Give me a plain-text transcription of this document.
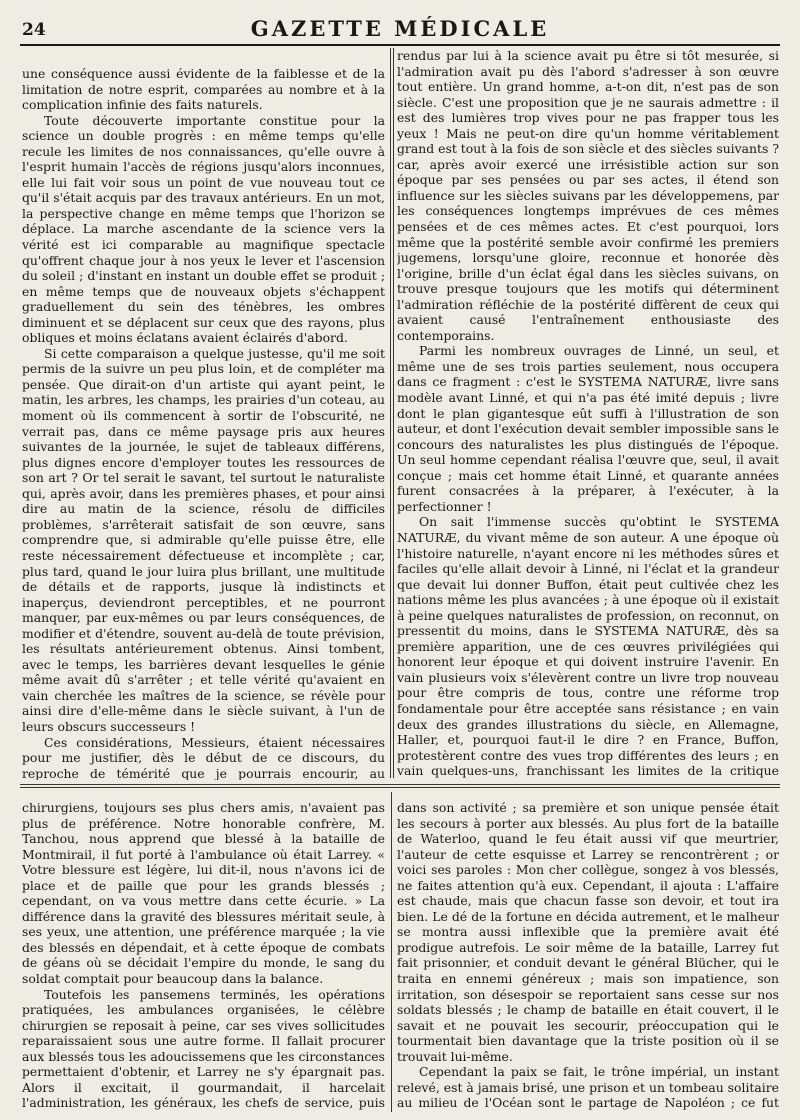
24	GAZETTE MÉDICALE

une conséquence aussi évidente de la faiblesse et de la limitation de notre esprit, comparées au nombre et à la complication infinie des faits naturels.

Toute découverte importante constitue pour la science un double progrès : en même temps qu'elle recule les limites de nos connaissances, qu'elle ouvre à l'esprit humain l'accès de régions jusqu'alors inconnues, elle lui fait voir sous un point de vue nouveau tout ce qu'il s'était acquis par des travaux antérieurs. En un mot, la perspective change en même temps que l'horizon se déplace. La marche ascendante de la science vers la vérité est ici comparable au magnifique spectacle qu'offrent chaque jour à nos yeux le lever et l'ascension du soleil ; d'instant en instant un double effet se produit ; en même temps que de nouveaux objets s'échappent graduellement du sein des ténèbres, les ombres diminuent et se déplacent sur ceux que des rayons, plus obliques et moins éclatans avaient éclairés d'abord.

Si cette comparaison a quelque justesse, qu'il me soit permis de la suivre un peu plus loin, et de compléter ma pensée. Que dirait-on d'un artiste qui ayant peint, le matin, les arbres, les champs, les prairies d'un coteau, au moment où ils commencent à sortir de l'obscurité, ne verrait pas, dans ce même paysage pris aux heures suivantes de la journée, le sujet de tableaux différens, plus dignes encore d'employer toutes les ressources de son art ? Or tel serait le savant, tel surtout le naturaliste qui, après avoir, dans les premières phases, et pour ainsi dire au matin de la science, résolu de difficiles problèmes, s'arrêterait satisfait de son œuvre, sans comprendre que, si admirable qu'elle puisse être, elle reste nécessairement défectueuse et incomplète ; car, plus tard, quand le jour luira plus brillant, une multitude de détails et de rapports, jusque là indistincts et inaperçus, deviendront perceptibles, et ne pourront manquer, par eux-mêmes ou par leurs conséquences, de modifier et d'étendre, souvent au-delà de toute prévision, les résultats antérieurement obtenus. Ainsi tombent, avec le temps, les barrières devant lesquelles le génie même avait dû s'arrêter ; et telle vérité qu'avaient en vain cherchée les maîtres de la science, se révèle pour ainsi dire d'elle-même dans le siècle suivant, à l'un de leurs obscurs successeurs !

Ces considérations, Messieurs, étaient nécessaires pour me justifier, dès le début de ce discours, du reproche de témérité que je pourrais encourir, au

rendus par lui à la science avait pu être si tôt mesurée, si l'admiration avait pu dès l'abord s'adresser à son œuvre tout entière. Un grand homme, a-t-on dit, n'est pas de son siècle. C'est une proposition que je ne saurais admettre : il est des lumières trop vives pour ne pas frapper tous les yeux ! Mais ne peut-on dire qu'un homme véritablement grand est tout à la fois de son siècle et des siècles suivants ? car, après avoir exercé une irrésistible action sur son époque par ses pensées ou par ses actes, il étend son influence sur les siècles suivans par les développemens, par les conséquences longtemps imprévues de ces mêmes pensées et de ces mêmes actes. Et c'est pourquoi, lors même que la postérité semble avoir confirmé les premiers jugemens, lorsqu'une gloire, reconnue et honorée dès l'origine, brille d'un éclat égal dans les siècles suivans, on trouve presque toujours que les motifs qui déterminent l'admiration réfléchie de la postérité diffèrent de ceux qui avaient causé l'entraînement enthousiaste des contemporains.

Parmi les nombreux ouvrages de Linné, un seul, et même une de ses trois parties seulement, nous occupera dans ce fragment : c'est le SYSTEMA NATURÆ, livre sans modèle avant Linné, et qui n'a pas été imité depuis ; livre dont le plan gigantesque eût suffi à l'illustration de son auteur, et dont l'exécution devait sembler impossible sans le concours des naturalistes les plus distingués de l'époque. Un seul homme cependant réalisa l'œuvre que, seul, il avait conçue ; mais cet homme était Linné, et quarante années furent consacrées à la préparer, à l'exécuter, à la perfectionner !

On sait l'immense succès qu'obtint le SYSTEMA NATURÆ, du vivant même de son auteur. A une époque où l'histoire naturelle, n'ayant encore ni les méthodes sûres et faciles qu'elle allait devoir à Linné, ni l'éclat et la grandeur que devait lui donner Buffon, était peut cultivée chez les nations même les plus avancées ; à une époque où il existait à peine quelques naturalistes de profession, on reconnut, on pressentit du moins, dans le SYSTEMA NATURÆ, dès sa première apparition, une de ces œuvres privilégiées qui honorent leur époque et qui doivent instruire l'avenir. En vain plusieurs voix s'élevèrent contre un livre trop nouveau pour être compris de tous, contre une réforme trop fondamentale pour être acceptée sans résistance ; en vain deux des grandes illustrations du siècle, en Allemagne, Haller, et, pourquoi faut-il le dire ? en France, Buffon, protestèrent contre des vues trop différentes des leurs ; en vain quelques-uns, franchissant les limites de la critique

chirurgiens, toujours ses plus chers amis, n'avaient pas plus de préférence. Notre honorable confrère, M. Tanchou, nous apprend que blessé à la bataille de Montmirail, il fut porté à l'ambulance où était Larrey. « Votre blessure est légère, lui dit-il, nous n'avons ici de place et de paille que pour les grands blessés ; cependant, on va vous mettre dans cette écurie. » La différence dans la gravité des blessures méritait seule, à ses yeux, une attention, une préférence marquée ; la vie des blessés en dépendait, et à cette époque de combats de géans où se décidait l'empire du monde, le sang du soldat comptait pour beaucoup dans la balance.

Toutefois les pansemens terminés, les opérations pratiquées, les ambulances organisées, le célèbre chirurgien se reposait à peine, car ses vives sollicitudes reparaissaient sous une autre forme. Il fallait procurer aux blessés tous les adoucissemens que les circonstances permettaient d'obtenir, et Larrey ne s'y épargnait pas. Alors il excitait, il gourmandait, il harcelait l'administration, les généraux, les chefs de service, puis

dans son activité ; sa première et son unique pensée était les secours à porter aux blessés. Au plus fort de la bataille de Waterloo, quand le feu était aussi vif que meurtrier, l'auteur de cette esquisse et Larrey se rencontrèrent ; or voici ses paroles : Mon cher collègue, songez à vos blessés, ne faites attention qu'à eux. Cependant, il ajouta : L'affaire est chaude, mais que chacun fasse son devoir, et tout ira bien. Le dé de la fortune en décida autrement, et le malheur se montra aussi inflexible que la première avait été prodigue autrefois. Le soir même de la bataille, Larrey fut fait prisonnier, et conduit devant le général Blücher, qui le traita en ennemi généreux ; mais son impatience, son irritation, son désespoir se reportaient sans cesse sur nos soldats blessés ; le champ de bataille en était couvert, il le savait et ne pouvait les secourir, préoccupation qui le tourmentait bien davantage que la triste position où il se trouvait lui-même.

Cependant la paix se fait, le trône impérial, un instant relevé, est à jamais brisé, une prison et un tombeau solitaire au milieu de l'Océan sont le partage de Napoléon ; ce fut
